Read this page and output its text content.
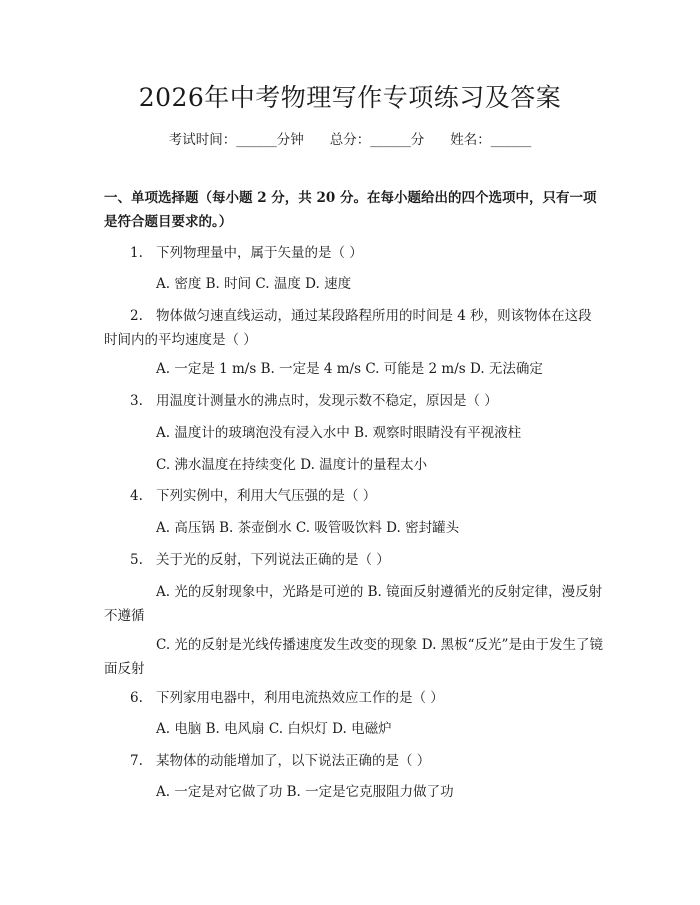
2026年中考物理写作专项练习及答案
考试时间：______分钟 总分：______分 姓名：______
一、单项选择题（每小题 2 分，共 20 分。在每小题给出的四个选项中，只有一项是符合题目要求的。）
1. 下列物理量中，属于矢量的是（ ）
A. 密度 B. 时间 C. 温度 D. 速度
2. 物体做匀速直线运动，通过某段路程所用的时间是 4 秒，则该物体在这段时间内的平均速度是（ ）
A. 一定是 1 m/s B. 一定是 4 m/s C. 可能是 2 m/s D. 无法确定
3. 用温度计测量水的沸点时，发现示数不稳定，原因是（ ）
A. 温度计的玻璃泡没有浸入水中 B. 观察时眼睛没有平视液柱
C. 沸水温度在持续变化 D. 温度计的量程太小
4. 下列实例中，利用大气压强的是（ ）
A. 高压锅 B. 茶壶倒水 C. 吸管吸饮料 D. 密封罐头
5. 关于光的反射，下列说法正确的是（ ）
A. 光的反射现象中，光路是可逆的 B. 镜面反射遵循光的反射定律，漫反射不遵循
C. 光的反射是光线传播速度发生改变的现象 D. 黑板“反光”是由于发生了镜面反射
6. 下列家用电器中，利用电流热效应工作的是（ ）
A. 电脑 B. 电风扇 C. 白炽灯 D. 电磁炉
7. 某物体的动能增加了，以下说法正确的是（ ）
A. 一定是对它做了功 B. 一定是它克服阻力做了功
